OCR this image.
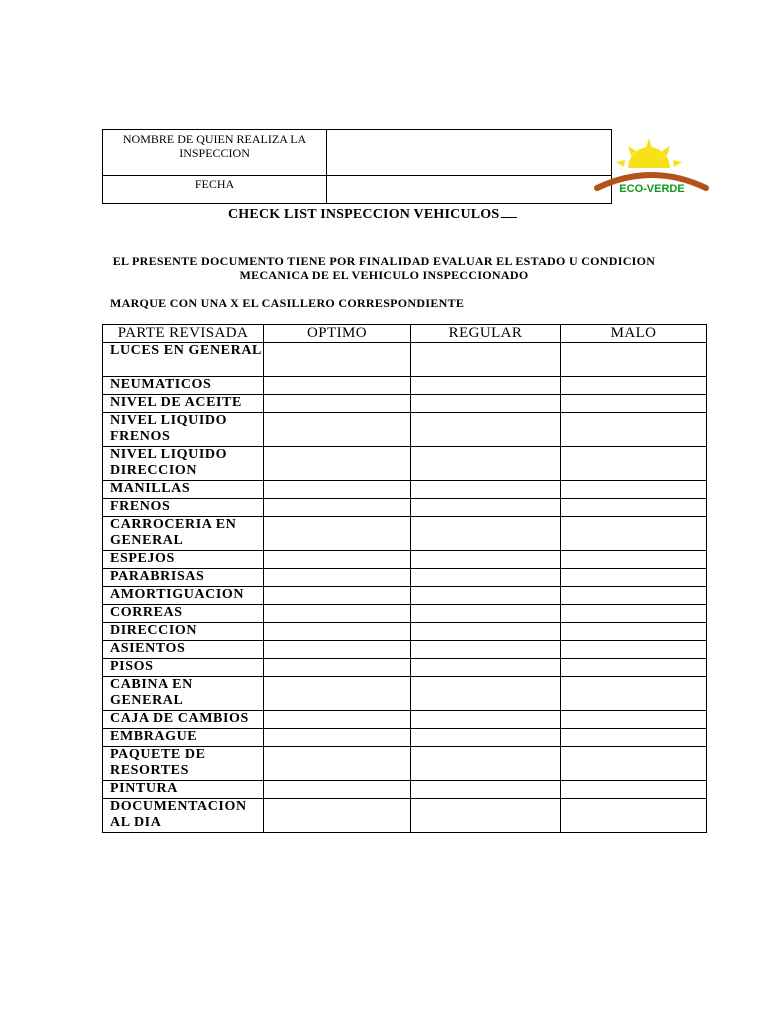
NOMBRE DE QUIEN REALIZA LA INSPECCION		
FECHA			ECO-VERDE
CHECK LIST INSPECCION VEHICULOS
EL PRESENTE DOCUMENTO TIENE POR FINALIDAD EVALUAR EL ESTADO U CONDICION MECANICA DE EL VEHICULO INSPECCIONADO
MARQUE CON UNA X EL CASILLERO CORRESPONDIENTE
PARTE REVISADA	OPTIMO	REGULAR	MALO
LUCES EN GENERAL			
NEUMATICOS			
NIVEL DE ACEITE			
NIVEL LIQUIDO FRENOS			
NIVEL LIQUIDO DIRECCION			
MANILLAS			
FRENOS			
CARROCERIA EN GENERAL			
ESPEJOS			
PARABRISAS			
AMORTIGUACION			
CORREAS			
DIRECCION			
ASIENTOS			
PISOS			
CABINA EN GENERAL			
CAJA DE CAMBIOS			
EMBRAGUE			
PAQUETE DE RESORTES			
PINTURA			
DOCUMENTACION AL DIA			
